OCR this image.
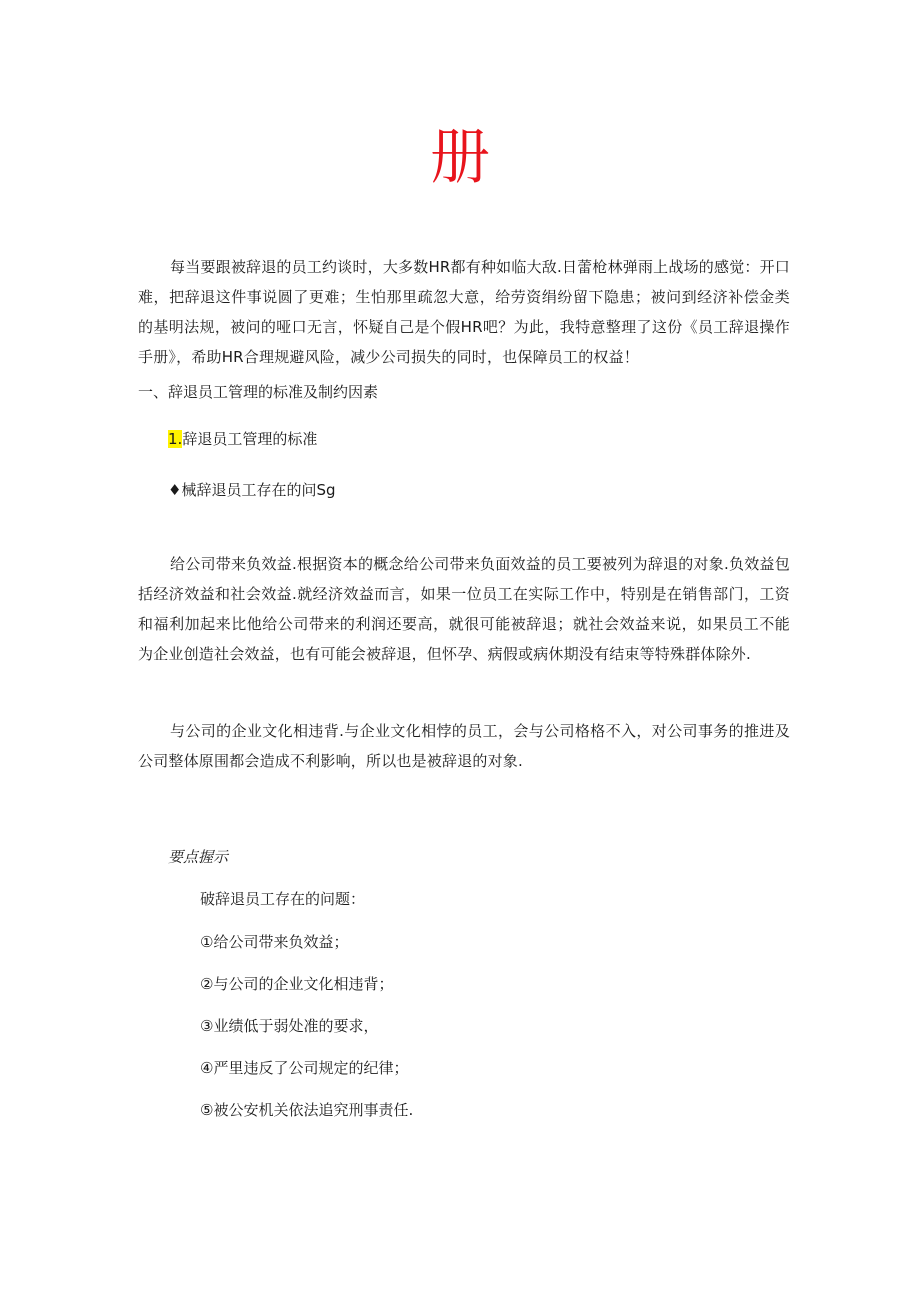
册

每当要跟被辞退的员工约谈时，大多数HR都有种如临大敌.日蕾枪林弹雨上战场的感觉：开口难，把辞退这件事说圆了更难；生怕那里疏忽大意，给劳资绢纷留下隐患；被问到经济补偿金类的基明法规，被问的哑口无言，怀疑自己是个假HR吧？为此，我特意整理了这份《员工辞退操作手册》，希助HR合理规避风险，减少公司损失的同时，也保障员工的权益！

一、辞退员工管理的标准及制约因素

1.辞退员工管理的标准

♦械辞退员工存在的问Sg

给公司带来负效益.根据资本的概念给公司带来负面效益的员工要被列为辞退的对象.负效益包括经济效益和社会效益.就经济效益而言，如果一位员工在实际工作中，特别是在销售部门，工资和福利加起来比他给公司带来的利润还要高，就很可能被辞退；就社会效益来说，如果员工不能为企业创造社会效益，也有可能会被辞退，但怀孕、病假或病休期没有结束等特殊群体除外.

与公司的企业文化相违背.与企业文化相悖的员工，会与公司格格不入，对公司事务的推进及公司整体原围都会造成不利影响，所以也是被辞退的对象.

要点握示

破辞退员工存在的问题：

①给公司带来负效益；

②与公司的企业文化相违背；

③业绩低于弱处准的要求，

④严里违反了公司规定的纪律；

⑤被公安机关依法追究刑事责任.
